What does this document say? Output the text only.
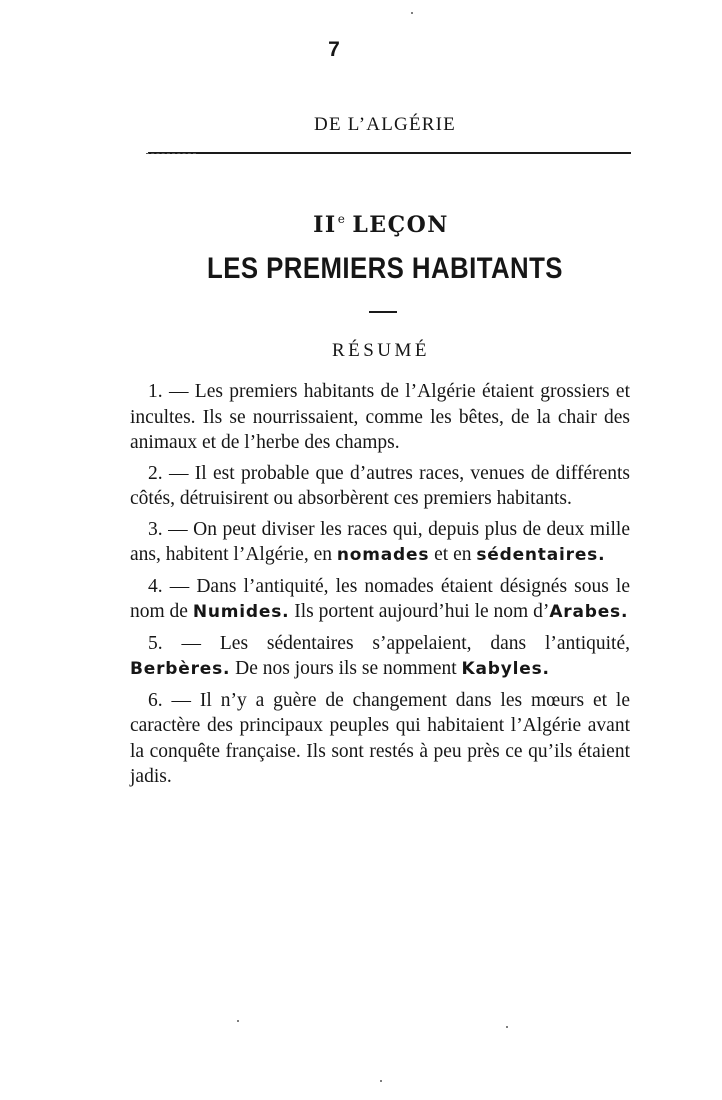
7
DE L’ALGÉRIE
IIe LEÇON
LES PREMIERS HABITANTS
RÉSUMÉ

1. — Les premiers habitants de l’Algérie étaient grossiers et incultes. Ils se nourrissaient, comme les bêtes, de la chair des animaux et de l’herbe des champs.

2. — Il est probable que d’autres races, venues de différents côtés, détruisirent ou absorbèrent ces premiers habitants.

3. — On peut diviser les races qui, depuis plus de deux mille ans, habitent l’Algérie, en nomades et en sédentaires.

4. — Dans l’antiquité, les nomades étaient désignés sous le nom de Numides. Ils portent aujourd’hui le nom d’Arabes.

5. — Les sédentaires s’appelaient, dans l’antiquité, Berbères. De nos jours ils se nomment Kabyles.

6. — Il n’y a guère de changement dans les mœurs et le caractère des principaux peuples qui habitaient l’Algérie avant la conquête française. Ils sont restés à peu près ce qu’ils étaient jadis.
